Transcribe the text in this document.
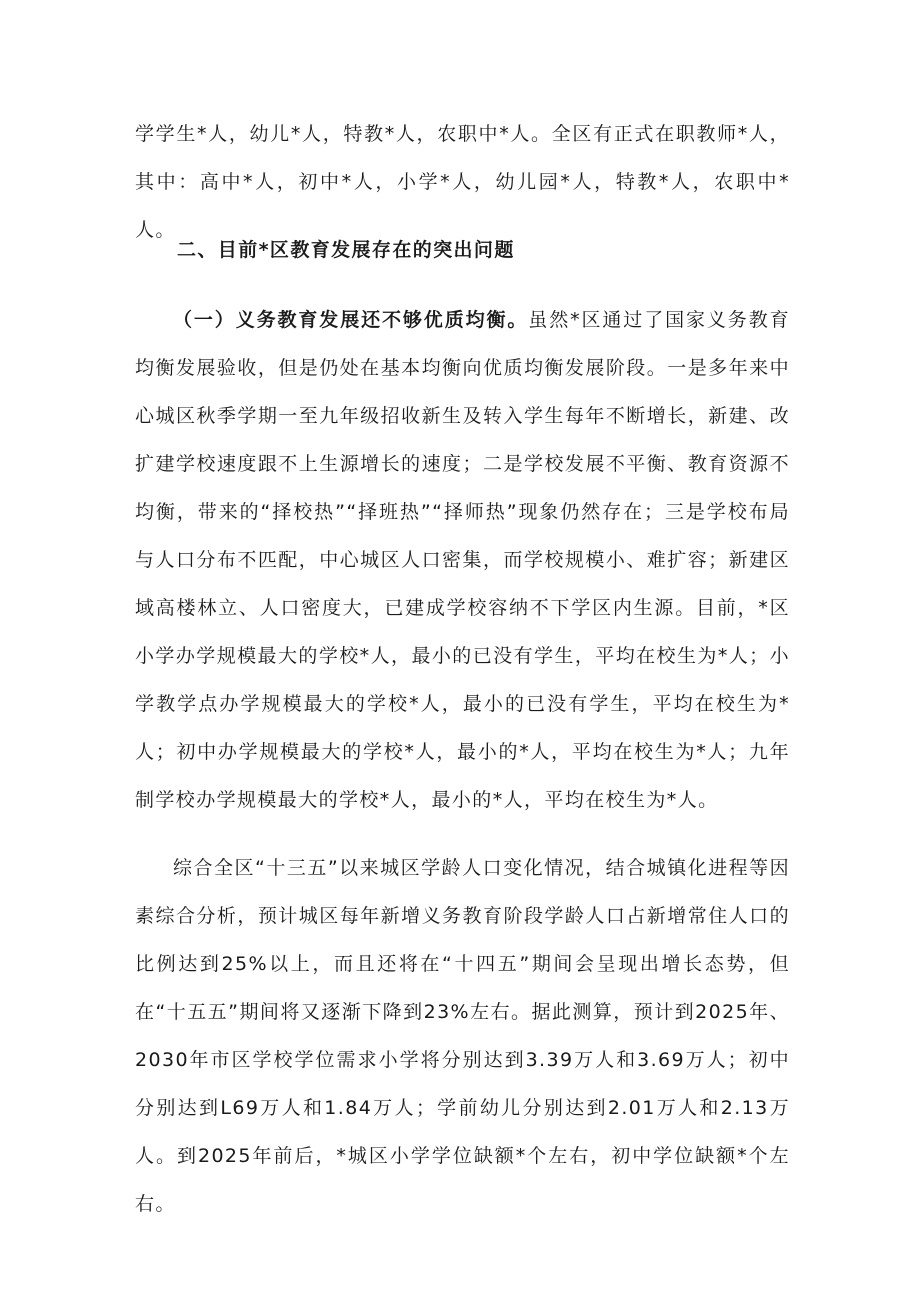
学学生*人，幼儿*人，特教*人，农职中*人。全区有正式在职教师*人，其中：高中*人，初中*人，小学*人，幼儿园*人，特教*人，农职中*人。

二、目前*区教育发展存在的突出问题

（一）义务教育发展还不够优质均衡。虽然*区通过了国家义务教育均衡发展验收，但是仍处在基本均衡向优质均衡发展阶段。一是多年来中心城区秋季学期一至九年级招收新生及转入学生每年不断增长，新建、改扩建学校速度跟不上生源增长的速度；二是学校发展不平衡、教育资源不均衡，带来的“择校热”“择班热”“择师热”现象仍然存在；三是学校布局与人口分布不匹配，中心城区人口密集，而学校规模小、难扩容；新建区域高楼林立、人口密度大，已建成学校容纳不下学区内生源。目前，*区小学办学规模最大的学校*人，最小的已没有学生，平均在校生为*人；小学教学点办学规模最大的学校*人，最小的已没有学生，平均在校生为*人；初中办学规模最大的学校*人，最小的*人，平均在校生为*人；九年制学校办学规模最大的学校*人，最小的*人，平均在校生为*人。

综合全区“十三五”以来城区学龄人口变化情况，结合城镇化进程等因素综合分析，预计城区每年新增义务教育阶段学龄人口占新增常住人口的比例达到25%以上，而且还将在“十四五”期间会呈现出增长态势，但在“十五五”期间将又逐渐下降到23%左右。据此测算，预计到2025年、2030年市区学校学位需求小学将分别达到3.39万人和3.69万人；初中分别达到L69万人和1.84万人；学前幼儿分别达到2.01万人和2.13万人。到2025年前后，*城区小学学位缺额*个左右，初中学位缺额*个左右。
